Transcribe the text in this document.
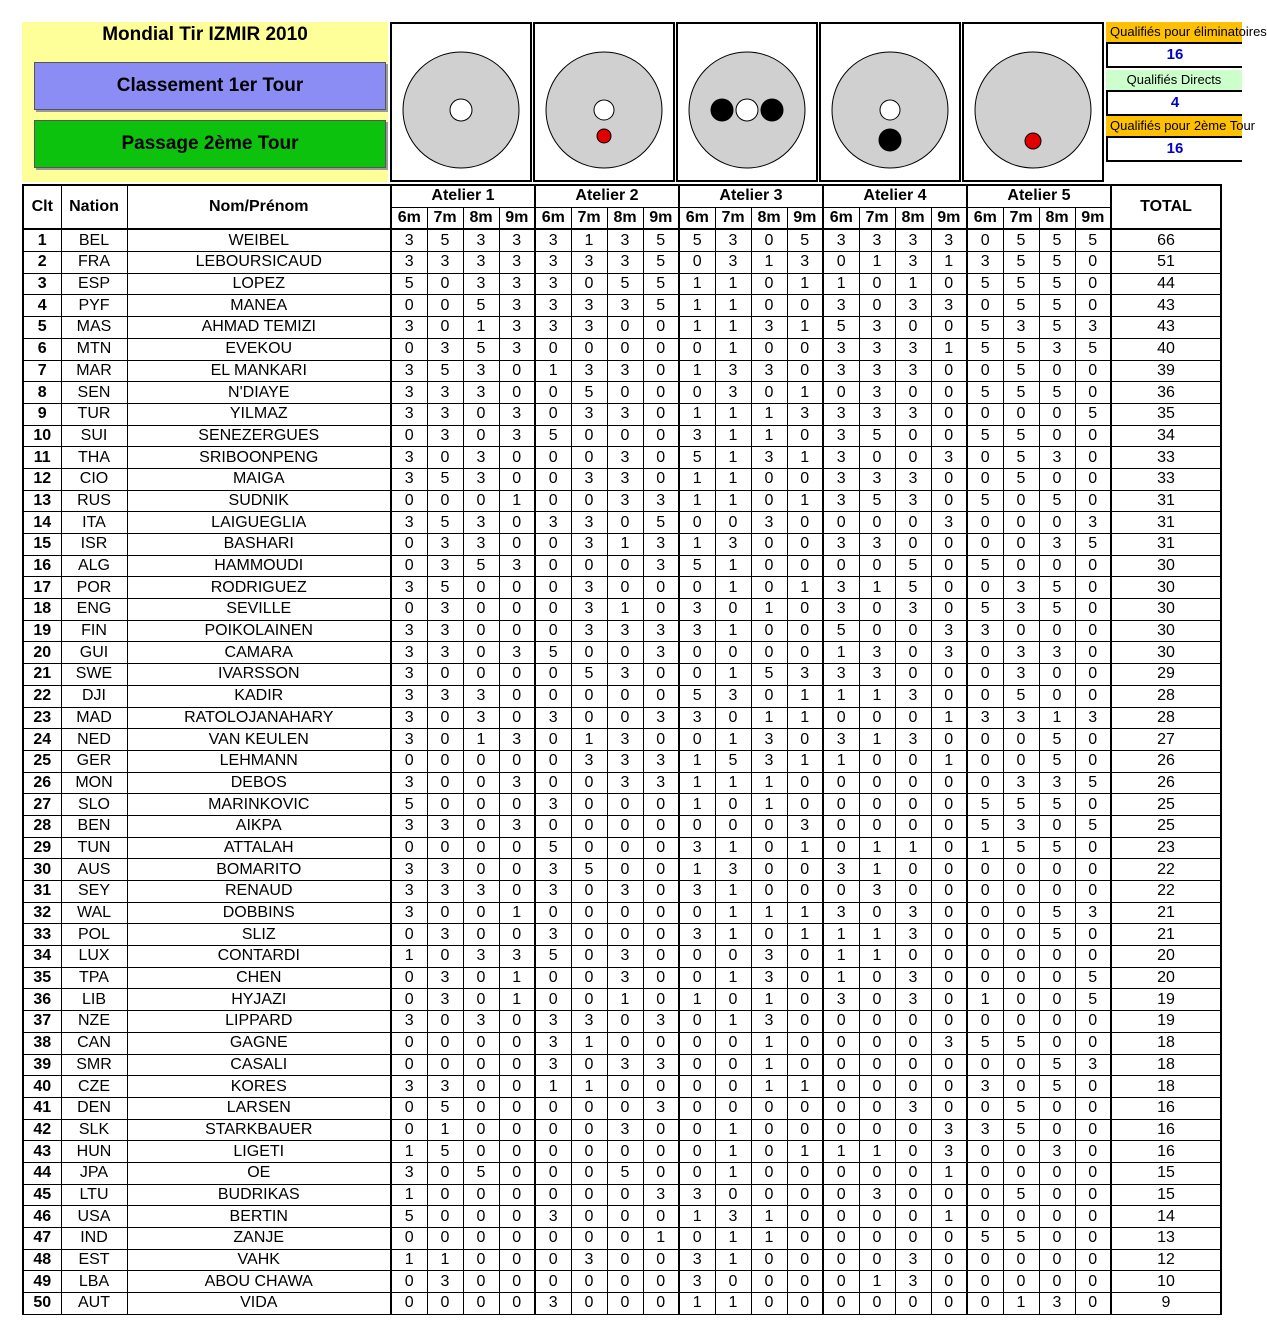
Mondial Tir IZMIR 2010
Classement 1er Tour
Passage 2ème Tour
Qualifiés pour éliminatoires
16
Qualifiés Directs
4
Qualifiés pour 2ème Tour
16
Clt	Nation	Nom/Prénom	Atelier 1				Atelier 2				Atelier 3				Atelier 4				Atelier 5				TOTAL
			6m	7m	8m	9m	6m	7m	8m	9m	6m	7m	8m	9m	6m	7m	8m	9m	6m	7m	8m	9m	
1	BEL	WEIBEL	3	5	3	3	3	1	3	5	5	3	0	5	3	3	3	3	0	5	5	5	66
2	FRA	LEBOURSICAUD	3	3	3	3	3	3	3	5	0	3	1	3	0	1	3	1	3	5	5	0	51
3	ESP	LOPEZ	5	0	3	3	3	0	5	5	1	1	0	1	1	0	1	0	5	5	5	0	44
4	PYF	MANEA	0	0	5	3	3	3	3	5	1	1	0	0	3	0	3	3	0	5	5	0	43
5	MAS	AHMAD TEMIZI	3	0	1	3	3	3	0	0	1	1	3	1	5	3	0	0	5	3	5	3	43
6	MTN	EVEKOU	0	3	5	3	0	0	0	0	0	1	0	0	3	3	3	1	5	5	3	5	40
7	MAR	EL MANKARI	3	5	3	0	1	3	3	0	1	3	3	0	3	3	3	0	0	5	0	0	39
8	SEN	N'DIAYE	3	3	3	0	0	5	0	0	0	3	0	1	0	3	0	0	5	5	5	0	36
9	TUR	YILMAZ	3	3	0	3	0	3	3	0	1	1	1	3	3	3	3	0	0	0	0	5	35
10	SUI	SENEZERGUES	0	3	0	3	5	0	0	0	3	1	1	0	3	5	0	0	5	5	0	0	34
11	THA	SRIBOONPENG	3	0	3	0	0	0	3	0	5	1	3	1	3	0	0	3	0	5	3	0	33
12	CIO	MAIGA	3	5	3	0	0	3	3	0	1	1	0	0	3	3	3	0	0	5	0	0	33
13	RUS	SUDNIK	0	0	0	1	0	0	3	3	1	1	0	1	3	5	3	0	5	0	5	0	31
14	ITA	LAIGUEGLIA	3	5	3	0	3	3	0	5	0	0	3	0	0	0	0	3	0	0	0	3	31
15	ISR	BASHARI	0	3	3	0	0	3	1	3	1	3	0	0	3	3	0	0	0	0	3	5	31
16	ALG	HAMMOUDI	0	3	5	3	0	0	0	3	5	1	0	0	0	0	5	0	5	0	0	0	30
17	POR	RODRIGUEZ	3	5	0	0	0	3	0	0	0	1	0	1	3	1	5	0	0	3	5	0	30
18	ENG	SEVILLE	0	3	0	0	0	3	1	0	3	0	1	0	3	0	3	0	5	3	5	0	30
19	FIN	POIKOLAINEN	3	3	0	0	0	3	3	3	3	1	0	0	5	0	0	3	3	0	0	0	30
20	GUI	CAMARA	3	3	0	3	5	0	0	3	0	0	0	0	1	3	0	3	0	3	3	0	30
21	SWE	IVARSSON	3	0	0	0	0	5	3	0	0	1	5	3	3	3	0	0	0	3	0	0	29
22	DJI	KADIR	3	3	3	0	0	0	0	0	5	3	0	1	1	1	3	0	0	5	0	0	28
23	MAD	RATOLOJANAHARY	3	0	3	0	3	0	0	3	3	0	1	1	0	0	0	1	3	3	1	3	28
24	NED	VAN KEULEN	3	0	1	3	0	1	3	0	0	1	3	0	3	1	3	0	0	0	5	0	27
25	GER	LEHMANN	0	0	0	0	0	3	3	3	1	5	3	1	1	0	0	1	0	0	5	0	26
26	MON	DEBOS	3	0	0	3	0	0	3	3	1	1	1	0	0	0	0	0	0	3	3	5	26
27	SLO	MARINKOVIC	5	0	0	0	3	0	0	0	1	0	1	0	0	0	0	0	5	5	5	0	25
28	BEN	AIKPA	3	3	0	3	0	0	0	0	0	0	0	3	0	0	0	0	5	3	0	5	25
29	TUN	ATTALAH	0	0	0	0	5	0	0	0	3	1	0	1	0	1	1	0	1	5	5	0	23
30	AUS	BOMARITO	3	3	0	0	3	5	0	0	1	3	0	0	3	1	0	0	0	0	0	0	22
31	SEY	RENAUD	3	3	3	0	3	0	3	0	3	1	0	0	0	3	0	0	0	0	0	0	22
32	WAL	DOBBINS	3	0	0	1	0	0	0	0	0	1	1	1	3	0	3	0	0	0	5	3	21
33	POL	SLIZ	0	3	0	0	3	0	0	0	3	1	0	1	1	1	3	0	0	0	5	0	21
34	LUX	CONTARDI	1	0	3	3	5	0	3	0	0	0	3	0	1	1	0	0	0	0	0	0	20
35	TPA	CHEN	0	3	0	1	0	0	3	0	0	1	3	0	1	0	3	0	0	0	0	5	20
36	LIB	HYJAZI	0	3	0	1	0	0	1	0	1	0	1	0	3	0	3	0	1	0	0	5	19
37	NZE	LIPPARD	3	0	3	0	3	3	0	3	0	1	3	0	0	0	0	0	0	0	0	0	19
38	CAN	GAGNE	0	0	0	0	3	1	0	0	0	0	1	0	0	0	0	3	5	5	0	0	18
39	SMR	CASALI	0	0	0	0	3	0	3	3	0	0	1	0	0	0	0	0	0	0	5	3	18
40	CZE	KORES	3	3	0	0	1	1	0	0	0	0	1	1	0	0	0	0	3	0	5	0	18
41	DEN	LARSEN	0	5	0	0	0	0	0	3	0	0	0	0	0	0	3	0	0	5	0	0	16
42	SLK	STARKBAUER	0	1	0	0	0	0	3	0	0	1	0	0	0	0	0	3	3	5	0	0	16
43	HUN	LIGETI	1	5	0	0	0	0	0	0	0	1	0	1	1	1	0	3	0	0	3	0	16
44	JPA	OE	3	0	5	0	0	0	5	0	0	1	0	0	0	0	0	1	0	0	0	0	15
45	LTU	BUDRIKAS	1	0	0	0	0	0	0	3	3	0	0	0	0	3	0	0	0	5	0	0	15
46	USA	BERTIN	5	0	0	0	3	0	0	0	1	3	1	0	0	0	0	1	0	0	0	0	14
47	IND	ZANJE	0	0	0	0	0	0	0	1	0	1	1	0	0	0	0	0	5	5	0	0	13
48	EST	VAHK	1	1	0	0	0	3	0	0	3	1	0	0	0	0	3	0	0	0	0	0	12
49	LBA	ABOU CHAWA	0	3	0	0	0	0	0	0	3	0	0	0	0	1	3	0	0	0	0	0	10
50	AUT	VIDA	0	0	0	0	3	0	0	0	1	1	0	0	0	0	0	0	0	1	3	0	9
